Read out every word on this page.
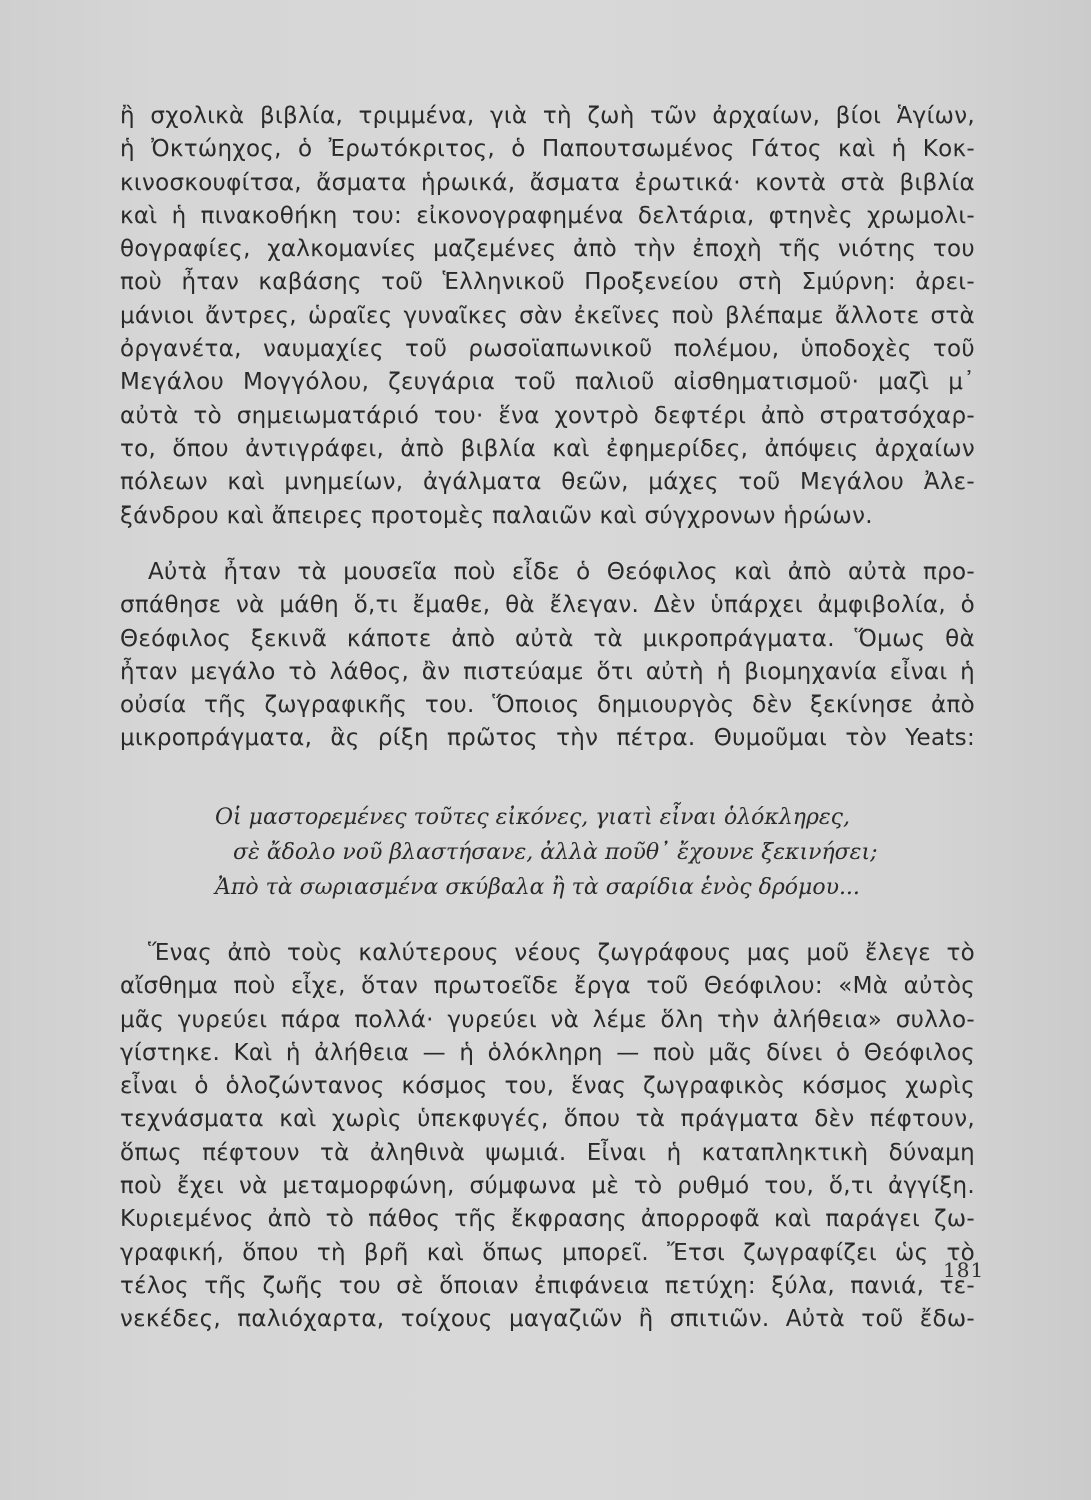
ἢ σχολικὰ βιβλία, τριμμένα, γιὰ τὴ ζωὴ τῶν ἀρχαίων, βίοι Ἁγίων,
ἡ Ὀκτώηχος, ὁ Ἐρωτόκριτος, ὁ Παπουτσωμένος Γάτος καὶ ἡ Κοκ-
κινοσκουφίτσα, ἄσματα ἡρωικά, ἄσματα ἐρωτικά· κοντὰ στὰ βιβλία
καὶ ἡ πινακοθήκη του: εἰκονογραφημένα δελτάρια, φτηνὲς χρωμολι-
θογραφίες, χαλκομανίες μαζεμένες ἀπὸ τὴν ἐποχὴ τῆς νιότης του
ποὺ ἦταν καβάσης τοῦ Ἑλληνικοῦ Προξενείου στὴ Σμύρνη: ἀρει-
μάνιοι ἄντρες, ὡραῖες γυναῖκες σὰν ἐκεῖνες ποὺ βλέπαμε ἄλλοτε στὰ
ὀργανέτα, ναυμαχίες τοῦ ρωσοϊαπωνικοῦ πολέμου, ὑποδοχὲς τοῦ
Μεγάλου Μογγόλου, ζευγάρια τοῦ παλιοῦ αἰσθηματισμοῦ· μαζὶ μ᾿
αὐτὰ τὸ σημειωματάριό του· ἕνα χοντρὸ δεφτέρι ἀπὸ στρατσόχαρ-
το, ὅπου ἀντιγράφει, ἀπὸ βιβλία καὶ ἐφημερίδες, ἀπόψεις ἀρχαίων
πόλεων καὶ μνημείων, ἀγάλματα θεῶν, μάχες τοῦ Μεγάλου Ἀλε-
ξάνδρου καὶ ἄπειρες προτομὲς παλαιῶν καὶ σύγχρονων ἡρώων.
Αὐτὰ ἦταν τὰ μουσεῖα ποὺ εἶδε ὁ Θεόφιλος καὶ ἀπὸ αὐτὰ προ-
σπάθησε νὰ μάθη ὅ,τι ἔμαθε, θὰ ἔλεγαν. Δὲν ὑπάρχει ἀμφιβολία, ὁ
Θεόφιλος ξεκινᾶ κάποτε ἀπὸ αὐτὰ τὰ μικροπράγματα. Ὅμως θὰ
ἦταν μεγάλο τὸ λάθος, ἂν πιστεύαμε ὅτι αὐτὴ ἡ βιομηχανία εἶναι ἡ
οὐσία τῆς ζωγραφικῆς του. Ὅποιος δημιουργὸς δὲν ξεκίνησε ἀπὸ
μικροπράγματα, ἂς ρίξη πρῶτος τὴν πέτρα. Θυμοῦμαι τὸν Yeats:
Οἱ μαστορεμένες τοῦτες εἰκόνες, γιατὶ εἶναι ὁλόκληρες,
σὲ ἄδολο νοῦ βλαστήσανε, ἀλλὰ ποῦθ᾿ ἔχουνε ξεκινήσει;
Ἀπὸ τὰ σωριασμένα σκύβαλα ἢ τὰ σαρίδια ἑνὸς δρόμου...
Ἕνας ἀπὸ τοὺς καλύτερους νέους ζωγράφους μας μοῦ ἔλεγε τὸ
αἴσθημα ποὺ εἶχε, ὅταν πρωτοεῖδε ἔργα τοῦ Θεόφιλου: «Μὰ αὐτὸς
μᾶς γυρεύει πάρα πολλά· γυρεύει νὰ λέμε ὅλη τὴν ἀλήθεια» συλλο-
γίστηκε. Καὶ ἡ ἀλήθεια — ἡ ὁλόκληρη — ποὺ μᾶς δίνει ὁ Θεόφιλος
εἶναι ὁ ὁλοζώντανος κόσμος του, ἕνας ζωγραφικὸς κόσμος χωρὶς
τεχνάσματα καὶ χωρὶς ὑπεκφυγές, ὅπου τὰ πράγματα δὲν πέφτουν,
ὅπως πέφτουν τὰ ἀληθινὰ ψωμιά. Εἶναι ἡ καταπληκτικὴ δύναμη
ποὺ ἔχει νὰ μεταμορφώνη, σύμφωνα μὲ τὸ ρυθμό του, ὅ,τι ἀγγίξη.
Κυριεμένος ἀπὸ τὸ πάθος τῆς ἔκφρασης ἀπορροφᾶ καὶ παράγει ζω-
γραφική, ὅπου τὴ βρῆ καὶ ὅπως μπορεῖ. Ἔτσι ζωγραφίζει ὡς τὸ
τέλος τῆς ζωῆς του σὲ ὅποιαν ἐπιφάνεια πετύχη: ξύλα, πανιά, τε-
νεκέδες, παλιόχαρτα, τοίχους μαγαζιῶν ἢ σπιτιῶν. Αὐτὰ τοῦ ἔδω-
181
